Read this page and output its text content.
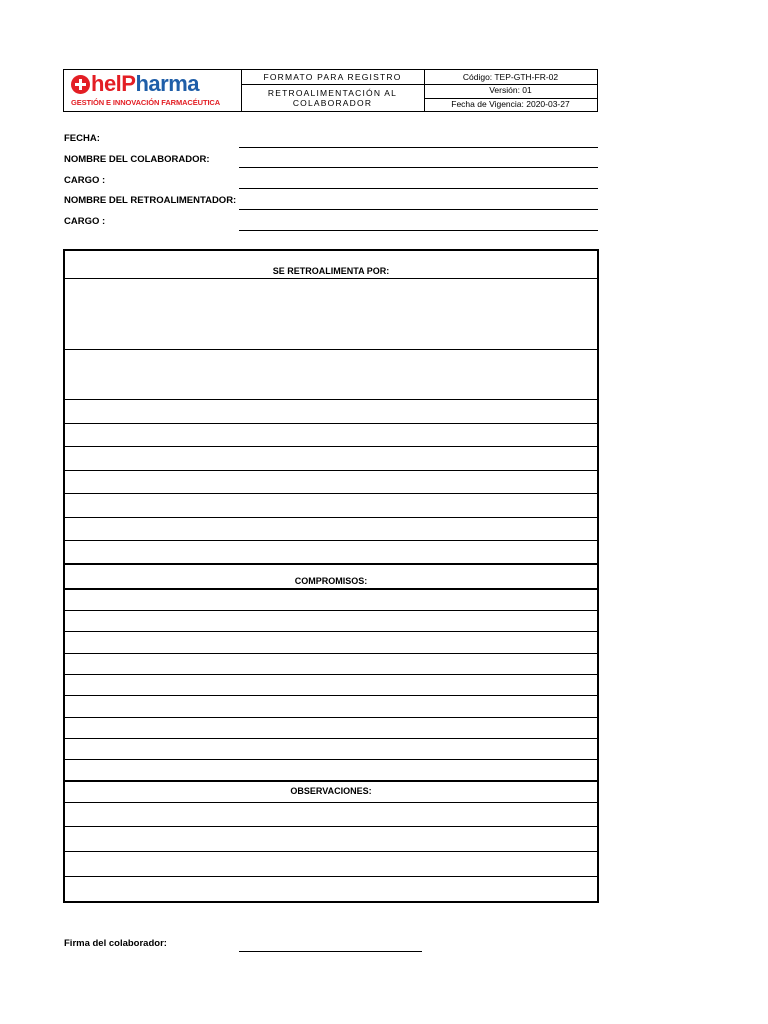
helPharma
GESTIÓN E INNOVACIÓN FARMACÉUTICA
FORMATO PARA REGISTRO
RETROALIMENTACIÓN AL
COLABORADOR
Código: TEP-GTH-FR-02
Versión: 01
Fecha de Vigencia: 2020-03-27
FECHA:
NOMBRE DEL COLABORADOR:
CARGO :
NOMBRE DEL RETROALIMENTADOR:
CARGO :
SE RETROALIMENTA POR:
COMPROMISOS:
OBSERVACIONES:
Firma del colaborador:
